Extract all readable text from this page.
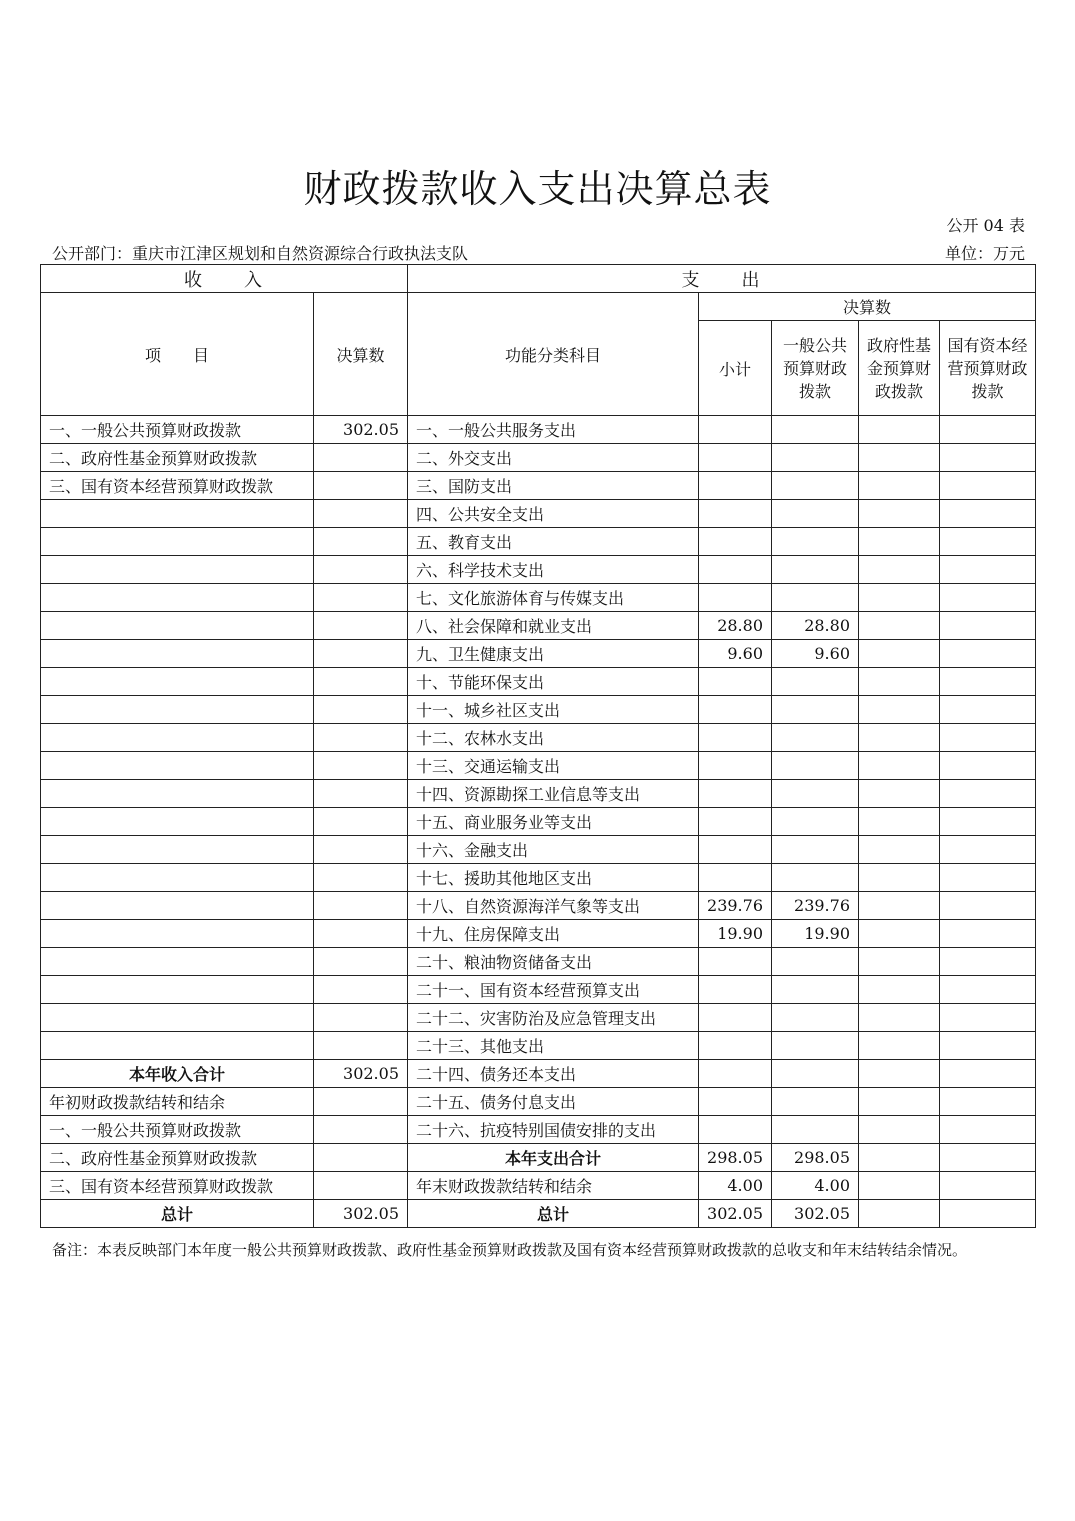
财政拨款收入支出决算总表
公开 04 表
公开部门：重庆市江津区规划和自然资源综合行政执法支队	单位：万元
收　　入		支　　出				
项　　目	决算数	功能分类科目	决算数			
			小计	一般公共预算财政拨款	政府性基金预算财政拨款	国有资本经营预算财政拨款
一、一般公共预算财政拨款	302.05	一、一般公共服务支出				
二、政府性基金预算财政拨款		二、外交支出				
三、国有资本经营预算财政拨款		三、国防支出				
		四、公共安全支出				
		五、教育支出				
		六、科学技术支出				
		七、文化旅游体育与传媒支出				
		八、社会保障和就业支出	28.80	28.80		
		九、卫生健康支出	9.60	9.60		
		十、节能环保支出				
		十一、城乡社区支出				
		十二、农林水支出				
		十三、交通运输支出				
		十四、资源勘探工业信息等支出				
		十五、商业服务业等支出				
		十六、金融支出				
		十七、援助其他地区支出				
		十八、自然资源海洋气象等支出	239.76	239.76		
		十九、住房保障支出	19.90	19.90		
		二十、粮油物资储备支出				
		二十一、国有资本经营预算支出				
		二十二、灾害防治及应急管理支出				
		二十三、其他支出				
本年收入合计	302.05	二十四、债务还本支出				
年初财政拨款结转和结余		二十五、债务付息支出				
一、一般公共预算财政拨款		二十六、抗疫特别国债安排的支出				
二、政府性基金预算财政拨款		本年支出合计	298.05	298.05		
三、国有资本经营预算财政拨款		年末财政拨款结转和结余	4.00	4.00		
总计	302.05	总计	302.05	302.05		
备注：本表反映部门本年度一般公共预算财政拨款、政府性基金预算财政拨款及国有资本经营预算财政拨款的总收支和年末结转结余情况。
